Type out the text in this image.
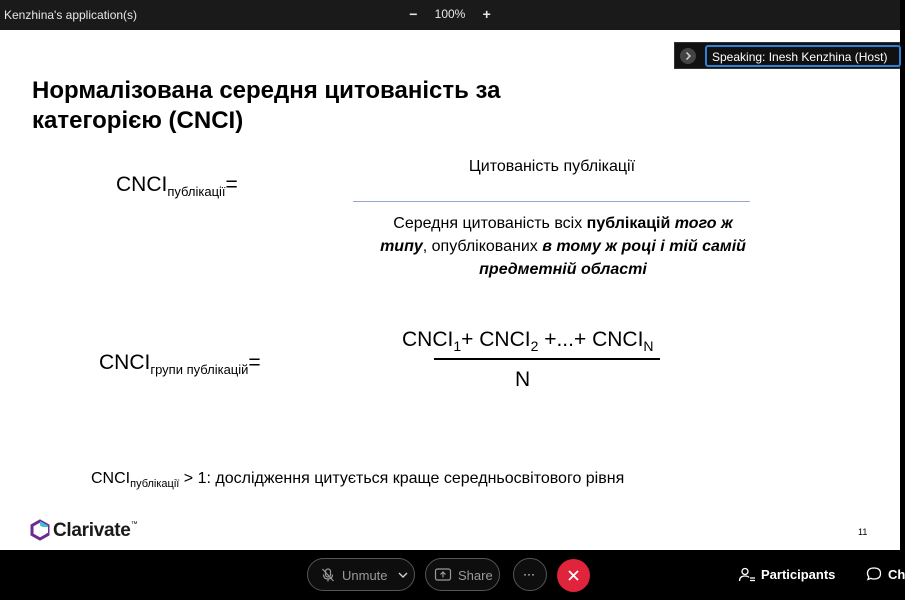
Kenzhina's application(s)	− 100% +
Нормалізована середня цитованість за категорією (CNCI)
$CNCI_{публікації}=$
Цитованість публікації
Середня цитованість всіх публікацій того ж типу, опублікованих в тому ж році і тій самій предметній області
$CNCI_{групи публікацій}=$
$CNCI_1+$ $CNCI_2$ +...+ $CNCI_N$
N
$CNCI_{публікації} > 1$: дослідження цитується краще середньосвітового рівня
Clarivate™
11
Speaking: Inesh Kenzhina (Host)
Unmute	Share	···	Participants	Ch
